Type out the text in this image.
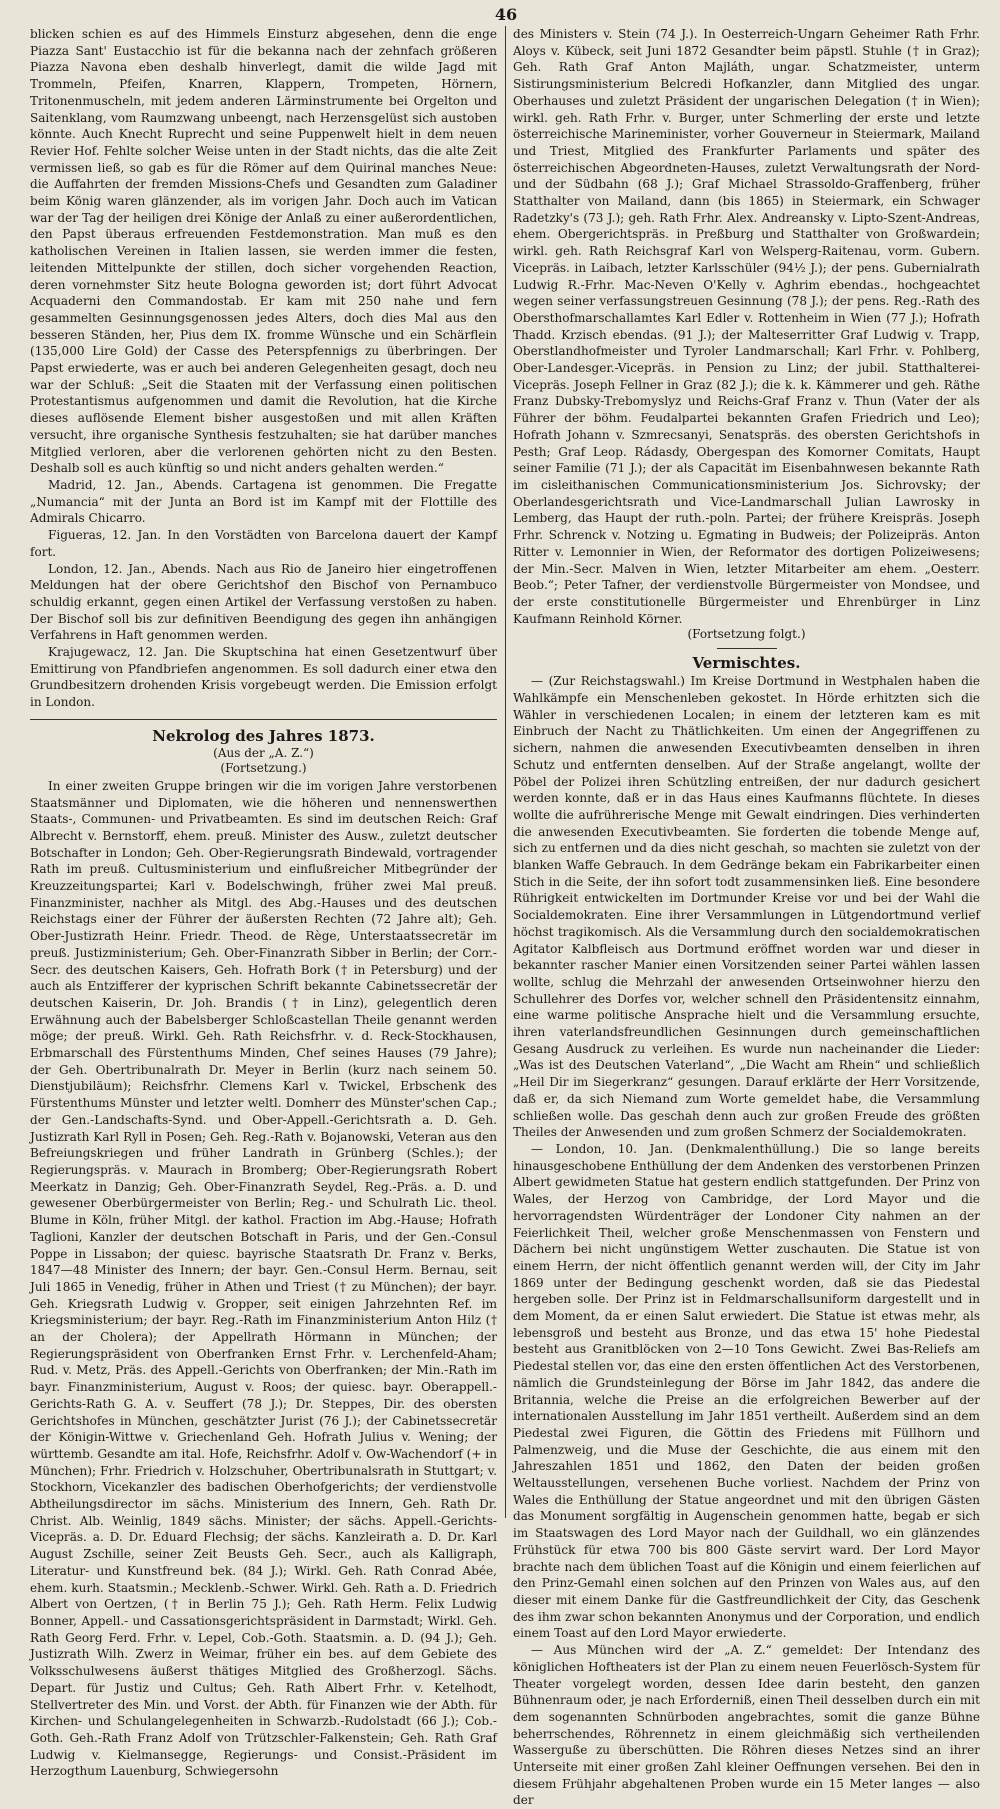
46

blicken schien es auf des Himmels Einsturz abgesehen, denn die enge Piazza Sant' Eustacchio ist für die bekanna nach der zehnfach größeren Piazza Navona eben deshalb hinverlegt, damit die wilde Jagd mit Trommeln, Pfeifen, Knarren, Klappern, Trompeten, Hörnern, Tritonenmuscheln, mit jedem anderen Lärminstrumente bei Orgelton und Saitenklang, vom Raumzwang unbeengt, nach Herzensgelüst sich austoben könnte. Auch Knecht Ruprecht und seine Puppenwelt hielt in dem neuen Revier Hof. Fehlte solcher Weise unten in der Stadt nichts, das die alte Zeit vermissen ließ, so gab es für die Römer auf dem Quirinal manches Neue: die Auffahrten der fremden Missions-Chefs und Gesandten zum Galadiner beim König waren glänzender, als im vorigen Jahr. Doch auch im Vatican war der Tag der heiligen drei Könige der Anlaß zu einer außerordentlichen, den Papst überaus erfreuenden Festdemonstration. Man muß es den katholischen Vereinen in Italien lassen, sie werden immer die festen, leitenden Mittelpunkte der stillen, doch sicher vorgehenden Reaction, deren vornehmster Sitz heute Bologna geworden ist; dort führt Advocat Acquaderni den Commandostab. Er kam mit 250 nahe und fern gesammelten Gesinnungsgenossen jedes Alters, doch dies Mal aus den besseren Ständen, her, Pius dem IX. fromme Wünsche und ein Schärflein (135,000 Lire Gold) der Casse des Peterspfennigs zu überbringen. Der Papst erwiederte, was er auch bei anderen Gelegenheiten gesagt, doch neu war der Schluß: „Seit die Staaten mit der Verfassung einen politischen Protestantismus aufgenommen und damit die Revolution, hat die Kirche dieses auflösende Element bisher ausgestoßen und mit allen Kräften versucht, ihre organische Synthesis festzuhalten; sie hat darüber manches Mitglied verloren, aber die verlorenen gehörten nicht zu den Besten. Deshalb soll es auch künftig so und nicht anders gehalten werden.“

Madrid, 12. Jan., Abends. Cartagena ist genommen. Die Fregatte „Numancia“ mit der Junta an Bord ist im Kampf mit der Flottille des Admirals Chicarro.

Figueras, 12. Jan. In den Vorstädten von Barcelona dauert der Kampf fort.

London, 12. Jan., Abends. Nach aus Rio de Janeiro hier eingetroffenen Meldungen hat der obere Gerichtshof den Bischof von Pernambuco schuldig erkannt, gegen einen Artikel der Verfassung verstoßen zu haben. Der Bischof soll bis zur definitiven Beendigung des gegen ihn anhängigen Verfahrens in Haft genommen werden.

Krajugewacz, 12. Jan. Die Skuptschina hat einen Gesetzentwurf über Emittirung von Pfandbriefen angenommen. Es soll dadurch einer etwa den Grundbesitzern drohenden Krisis vorgebeugt werden. Die Emission erfolgt in London.

Nekrolog des Jahres 1873.
(Aus der „A. Z.“)
(Fortsetzung.)

In einer zweiten Gruppe bringen wir die im vorigen Jahre verstorbenen Staatsmänner und Diplomaten, wie die höheren und nennenswerthen Staats-, Communen- und Privatbeamten. Es sind im deutschen Reich: Graf Albrecht v. Bernstorff, ehem. preuß. Minister des Ausw., zuletzt deutscher Botschafter in London; Geh. Ober-Regierungsrath Bindewald, vortragender Rath im preuß. Cultusministerium und einflußreicher Mitbegründer der Kreuzzeitungspartei; Karl v. Bodelschwingh, früher zwei Mal preuß. Finanzminister, nachher als Mitgl. des Abg.-Hauses und des deutschen Reichstags einer der Führer der äußersten Rechten (72 Jahre alt); Geh. Ober-Justizrath Heinr. Friedr. Theod. de Rège, Unterstaatssecretär im preuß. Justizministerium; Geh. Ober-Finanzrath Sibber in Berlin; der Corr.-Secr. des deutschen Kaisers, Geh. Hofrath Bork († in Petersburg) und der auch als Entzifferer der kyprischen Schrift bekannte Cabinetssecretär der deutschen Kaiserin, Dr. Joh. Brandis († in Linz), gelegentlich deren Erwähnung auch der Babelsberger Schloßcastellan Theile genannt werden möge; der preuß. Wirkl. Geh. Rath Reichsfrhr. v. d. Reck-Stockhausen, Erbmarschall des Fürstenthums Minden, Chef seines Hauses (79 Jahre); der Geh. Obertribunalrath Dr. Meyer in Berlin (kurz nach seinem 50. Dienstjubiläum); Reichsfrhr. Clemens Karl v. Twickel, Erbschenk des Fürstenthums Münster und letzter weltl. Domherr des Münster'schen Cap.; der Gen.-Landschafts-Synd. und Ober-Appell.-Gerichtsrath a. D. Geh. Justizrath Karl Ryll in Posen; Geh. Reg.-Rath v. Bojanowski, Veteran aus den Befreiungskriegen und früher Landrath in Grünberg (Schles.); der Regierungspräs. v. Maurach in Bromberg; Ober-Regierungsrath Robert Meerkatz in Danzig; Geh. Ober-Finanzrath Seydel, Reg.-Präs. a. D. und gewesener Oberbürgermeister von Berlin; Reg.- und Schulrath Lic. theol. Blume in Köln, früher Mitgl. der kathol. Fraction im Abg.-Hause; Hofrath Taglioni, Kanzler der deutschen Botschaft in Paris, und der Gen.-Consul Poppe in Lissabon; der quiesc. bayrische Staatsrath Dr. Franz v. Berks, 1847—48 Minister des Innern; der bayr. Gen.-Consul Herm. Bernau, seit Juli 1865 in Venedig, früher in Athen und Triest († zu München); der bayr. Geh. Kriegsrath Ludwig v. Gropper, seit einigen Jahrzehnten Ref. im Kriegsministerium; der bayr. Reg.-Rath im Finanzministerium Anton Hilz († an der Cholera); der Appellrath Hörmann in München; der Regierungspräsident von Oberfranken Ernst Frhr. v. Lerchenfeld-Aham; Rud. v. Metz, Präs. des Appell.-Gerichts von Oberfranken; der Min.-Rath im bayr. Finanzministerium, August v. Roos; der quiesc. bayr. Oberappell.-Gerichts-Rath G. A. v. Seuffert (78 J.); Dr. Steppes, Dir. des obersten Gerichtshofes in München, geschätzter Jurist (76 J.); der Cabinetssecretär der Königin-Wittwe v. Griechenland Geh. Hofrath Julius v. Wening; der württemb. Gesandte am ital. Hofe, Reichsfrhr. Adolf v. Ow-Wachendorf (+ in München); Frhr. Friedrich v. Holzschuher, Obertribunalsrath in Stuttgart; v. Stockhorn, Vicekanzler des badischen Oberhofgerichts; der verdienstvolle Abtheilungsdirector im sächs. Ministerium des Innern, Geh. Rath Dr. Christ. Alb. Weinlig, 1849 sächs. Minister; der sächs. Appell.-Gerichts-Vicepräs. a. D. Dr. Eduard Flechsig; der sächs. Kanzleirath a. D. Dr. Karl August Zschille, seiner Zeit Beusts Geh. Secr., auch als Kalligraph, Literatur- und Kunstfreund bek. (84 J.); Wirkl. Geh. Rath Conrad Abée, ehem. kurh. Staatsmin.; Mecklenb.-Schwer. Wirkl. Geh. Rath a. D. Friedrich Albert von Oertzen, († in Berlin 75 J.); Geh. Rath Herm. Felix Ludwig Bonner, Appell.- und Cassationsgerichtspräsident in Darmstadt; Wirkl. Geh. Rath Georg Ferd. Frhr. v. Lepel, Cob.-Goth. Staatsmin. a. D. (94 J.); Geh. Justizrath Wilh. Zwerz in Weimar, früher ein bes. auf dem Gebiete des Volksschulwesens äußerst thätiges Mitglied des Großherzogl. Sächs. Depart. für Justiz und Cultus; Geh. Rath Albert Frhr. v. Ketelhodt, Stellvertreter des Min. und Vorst. der Abth. für Finanzen wie der Abth. für Kirchen- und Schulangelegenheiten in Schwarzb.-Rudolstadt (66 J.); Cob.-Goth. Geh.-Rath Franz Adolf von Trützschler-Falkenstein; Geh. Rath Graf Ludwig v. Kielmansegge, Regierungs- und Consist.-Präsident im Herzogthum Lauenburg, Schwiegersohn

des Ministers v. Stein (74 J.). In Oesterreich-Ungarn Geheimer Rath Frhr. Aloys v. Kübeck, seit Juni 1872 Gesandter beim päpstl. Stuhle († in Graz); Geh. Rath Graf Anton Majláth, ungar. Schatzmeister, unterm Sistirungsministerium Belcredi Hofkanzler, dann Mitglied des ungar. Oberhauses und zuletzt Präsident der ungarischen Delegation († in Wien); wirkl. geh. Rath Frhr. v. Burger, unter Schmerling der erste und letzte österreichische Marineminister, vorher Gouverneur in Steiermark, Mailand und Triest, Mitglied des Frankfurter Parlaments und später des österreichischen Abgeordneten-Hauses, zuletzt Verwaltungsrath der Nord- und der Südbahn (68 J.); Graf Michael Strassoldo-Graffenberg, früher Statthalter von Mailand, dann (bis 1865) in Steiermark, ein Schwager Radetzky's (73 J.); geh. Rath Frhr. Alex. Andreansky v. Lipto-Szent-Andreas, ehem. Obergerichtspräs. in Preßburg und Statthalter von Großwardein; wirkl. geh. Rath Reichsgraf Karl von Welsperg-Raitenau, vorm. Gubern. Vicepräs. in Laibach, letzter Karlsschüler (94½ J.); der pens. Gubernialrath Ludwig R.-Frhr. Mac-Neven O'Kelly v. Aghrim ebendas., hochgeachtet wegen seiner verfassungstreuen Gesinnung (78 J.); der pens. Reg.-Rath des Obersthofmarschallamtes Karl Edler v. Rottenheim in Wien (77 J.); Hofrath Thadd. Krzisch ebendas. (91 J.); der Malteserritter Graf Ludwig v. Trapp, Oberstlandhofmeister und Tyroler Landmarschall; Karl Frhr. v. Pohlberg, Ober-Landesger.-Vicepräs. in Pension zu Linz; der jubil. Statthalterei-Vicepräs. Joseph Fellner in Graz (82 J.); die k. k. Kämmerer und geh. Räthe Franz Dubsky-Trebomyslyz und Reichs-Graf Franz v. Thun (Vater der als Führer der böhm. Feudalpartei bekannten Grafen Friedrich und Leo); Hofrath Johann v. Szmrecsanyi, Senatspräs. des obersten Gerichtshofs in Pesth; Graf Leop. Rádasdy, Obergespan des Komorner Comitats, Haupt seiner Familie (71 J.); der als Capacität im Eisenbahnwesen bekannte Rath im cisleithanischen Communicationsministerium Jos. Sichrovsky; der Oberlandesgerichtsrath und Vice-Landmarschall Julian Lawrosky in Lemberg, das Haupt der ruth.-poln. Partei; der frühere Kreispräs. Joseph Frhr. Schrenck v. Notzing u. Egmating in Budweis; der Polizeipräs. Anton Ritter v. Lemonnier in Wien, der Reformator des dortigen Polizeiwesens; der Min.-Secr. Malven in Wien, letzter Mitarbeiter am ehem. „Oesterr. Beob.“; Peter Tafner, der verdienstvolle Bürgermeister von Mondsee, und der erste constitutionelle Bürgermeister und Ehrenbürger in Linz Kaufmann Reinhold Körner.

(Fortsetzung folgt.)
Vermischtes.

— (Zur Reichstagswahl.) Im Kreise Dortmund in Westphalen haben die Wahlkämpfe ein Menschenleben gekostet. In Hörde erhitzten sich die Wähler in verschiedenen Localen; in einem der letzteren kam es mit Einbruch der Nacht zu Thätlichkeiten. Um einen der Angegriffenen zu sichern, nahmen die anwesenden Executivbeamten denselben in ihren Schutz und entfernten denselben. Auf der Straße angelangt, wollte der Pöbel der Polizei ihren Schützling entreißen, der nur dadurch gesichert werden konnte, daß er in das Haus eines Kaufmanns flüchtete. In dieses wollte die aufrührerische Menge mit Gewalt eindringen. Dies verhinderten die anwesenden Executivbeamten. Sie forderten die tobende Menge auf, sich zu entfernen und da dies nicht geschah, so machten sie zuletzt von der blanken Waffe Gebrauch. In dem Gedränge bekam ein Fabrikarbeiter einen Stich in die Seite, der ihn sofort todt zusammensinken ließ. Eine besondere Rührigkeit entwickelten im Dortmunder Kreise vor und bei der Wahl die Socialdemokraten. Eine ihrer Versammlungen in Lütgendortmund verlief höchst tragikomisch. Als die Versammlung durch den socialdemokratischen Agitator Kalbfleisch aus Dortmund eröffnet worden war und dieser in bekannter rascher Manier einen Vorsitzenden seiner Partei wählen lassen wollte, schlug die Mehrzahl der anwesenden Ortseinwohner hierzu den Schullehrer des Dorfes vor, welcher schnell den Präsidentensitz einnahm, eine warme politische Ansprache hielt und die Versammlung ersuchte, ihren vaterlandsfreundlichen Gesinnungen durch gemeinschaftlichen Gesang Ausdruck zu verleihen. Es wurde nun nacheinander die Lieder: „Was ist des Deutschen Vaterland“, „Die Wacht am Rhein“ und schließlich „Heil Dir im Siegerkranz“ gesungen. Darauf erklärte der Herr Vorsitzende, daß er, da sich Niemand zum Worte gemeldet habe, die Versammlung schließen wolle. Das geschah denn auch zur großen Freude des größten Theiles der Anwesenden und zum großen Schmerz der Socialdemokraten.

— London, 10. Jan. (Denkmalenthüllung.) Die so lange bereits hinausgeschobene Enthüllung der dem Andenken des verstorbenen Prinzen Albert gewidmeten Statue hat gestern endlich stattgefunden. Der Prinz von Wales, der Herzog von Cambridge, der Lord Mayor und die hervorragendsten Würdenträger der Londoner City nahmen an der Feierlichkeit Theil, welcher große Menschenmassen von Fenstern und Dächern bei nicht ungünstigem Wetter zuschauten. Die Statue ist von einem Herrn, der nicht öffentlich genannt werden will, der City im Jahr 1869 unter der Bedingung geschenkt worden, daß sie das Piedestal hergeben solle. Der Prinz ist in Feldmarschallsuniform dargestellt und in dem Moment, da er einen Salut erwiedert. Die Statue ist etwas mehr, als lebensgroß und besteht aus Bronze, und das etwa 15' hohe Piedestal besteht aus Granitblöcken von 2—10 Tons Gewicht. Zwei Bas-Reliefs am Piedestal stellen vor, das eine den ersten öffentlichen Act des Verstorbenen, nämlich die Grundsteinlegung der Börse im Jahr 1842, das andere die Britannia, welche die Preise an die erfolgreichen Bewerber auf der internationalen Ausstellung im Jahr 1851 vertheilt. Außerdem sind an dem Piedestal zwei Figuren, die Göttin des Friedens mit Füllhorn und Palmenzweig, und die Muse der Geschichte, die aus einem mit den Jahreszahlen 1851 und 1862, den Daten der beiden großen Weltausstellungen, versehenen Buche vorliest. Nachdem der Prinz von Wales die Enthüllung der Statue angeordnet und mit den übrigen Gästen das Monument sorgfältig in Augenschein genommen hatte, begab er sich im Staatswagen des Lord Mayor nach der Guildhall, wo ein glänzendes Frühstück für etwa 700 bis 800 Gäste servirt ward. Der Lord Mayor brachte nach dem üblichen Toast auf die Königin und einem feierlichen auf den Prinz-Gemahl einen solchen auf den Prinzen von Wales aus, auf den dieser mit einem Danke für die Gastfreundlichkeit der City, das Geschenk des ihm zwar schon bekannten Anonymus und der Corporation, und endlich einem Toast auf den Lord Mayor erwiederte.

— Aus München wird der „A. Z.“ gemeldet: Der Intendanz des königlichen Hoftheaters ist der Plan zu einem neuen Feuerlösch-System für Theater vorgelegt worden, dessen Idee darin besteht, den ganzen Bühnenraum oder, je nach Erforderniß, einen Theil desselben durch ein mit dem sogenannten Schnürboden angebrachtes, somit die ganze Bühne beherrschendes, Röhrennetz in einem gleichmäßig sich vertheilenden Wasserguße zu überschütten. Die Röhren dieses Netzes sind an ihrer Unterseite mit einer großen Zahl kleiner Oeffnungen versehen. Bei den in diesem Frühjahr abgehaltenen Proben wurde ein 15 Meter langes — also der
